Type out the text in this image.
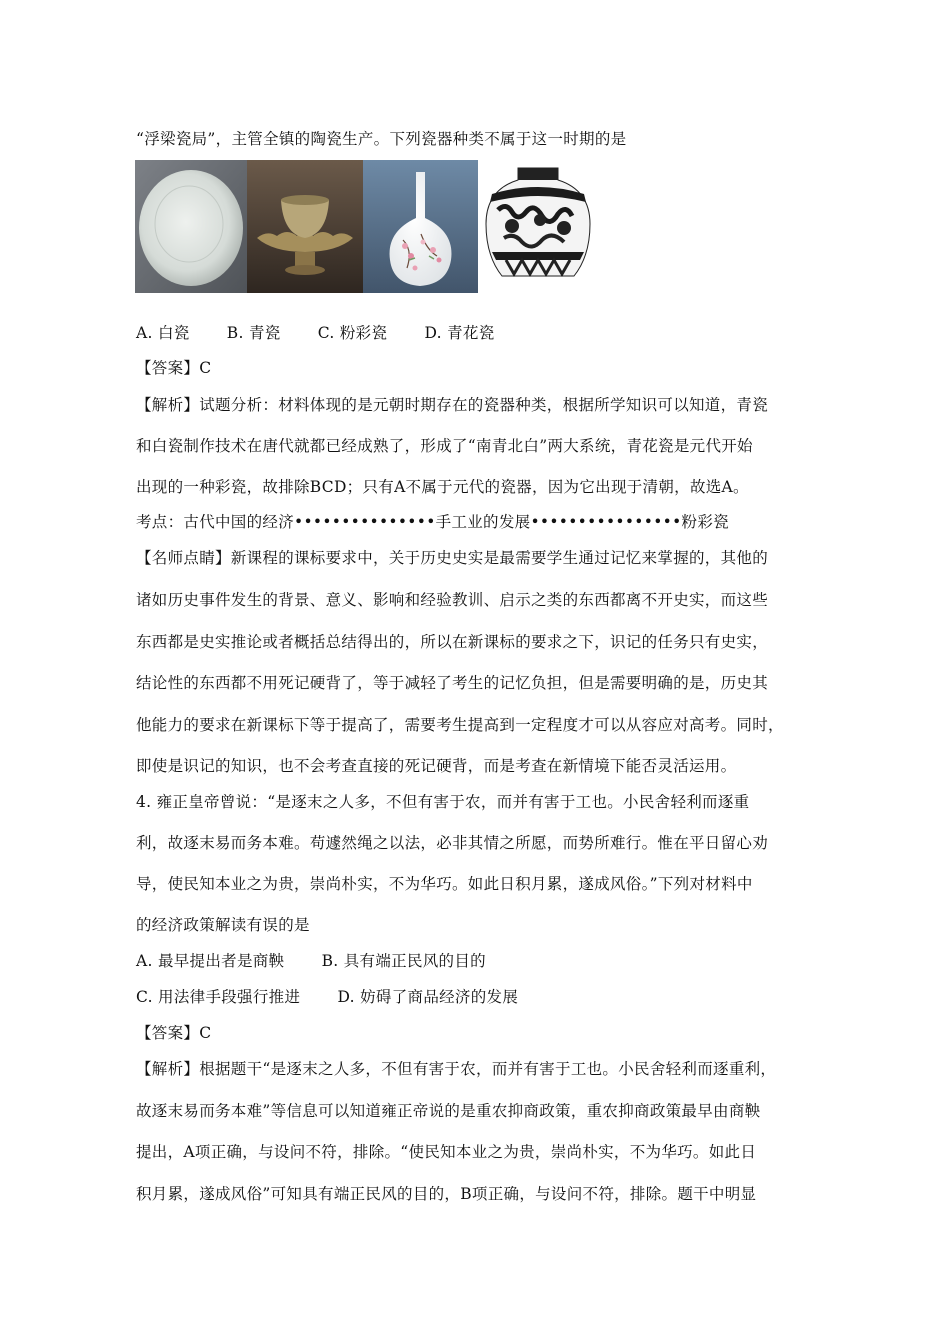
“浮梁瓷局”，主管全镇的陶瓷生产。下列瓷器种类不属于这一时期的是
A. 白瓷 B. 青瓷 C. 粉彩瓷 D. 青花瓷
【答案】C
【解析】试题分析：材料体现的是元朝时期存在的瓷器种类，根据所学知识可以知道，青瓷
和白瓷制作技术在唐代就都已经成熟了，形成了“南青北白”两大系统，青花瓷是元代开始
出现的一种彩瓷，故排除BCD；只有A不属于元代的瓷器，因为它出现于清朝，故选A。
考点：古代中国的经济•••••••••••••••手工业的发展••••••••••••••••粉彩瓷
【名师点睛】新课程的课标要求中，关于历史史实是最需要学生通过记忆来掌握的，其他的
诸如历史事件发生的背景、意义、影响和经验教训、启示之类的东西都离不开史实，而这些
东西都是史实推论或者概括总结得出的，所以在新课标的要求之下，识记的任务只有史实，
结论性的东西都不用死记硬背了，等于减轻了考生的记忆负担，但是需要明确的是，历史其
他能力的要求在新课标下等于提高了，需要考生提高到一定程度才可以从容应对高考。同时，
即使是识记的知识，也不会考查直接的死记硬背，而是考查在新情境下能否灵活运用。
4. 雍正皇帝曾说：“是逐末之人多，不但有害于农，而并有害于工也。小民舍轻利而逐重
利，故逐末易而务本难。苟遽然绳之以法，必非其情之所愿，而势所难行。惟在平日留心劝
导，使民知本业之为贵，崇尚朴实，不为华巧。如此日积月累，遂成风俗。”下列对材料中
的经济政策解读有误的是
A. 最早提出者是商鞅 B. 具有端正民风的目的
C. 用法律手段强行推进 D. 妨碍了商品经济的发展
【答案】C
【解析】根据题干“是逐末之人多，不但有害于农，而并有害于工也。小民舍轻利而逐重利，
故逐末易而务本难”等信息可以知道雍正帝说的是重农抑商政策，重农抑商政策最早由商鞅
提出，A项正确，与设问不符，排除。“使民知本业之为贵，崇尚朴实，不为华巧。如此日
积月累，遂成风俗”可知具有端正民风的目的，B项正确，与设问不符，排除。题干中明显
